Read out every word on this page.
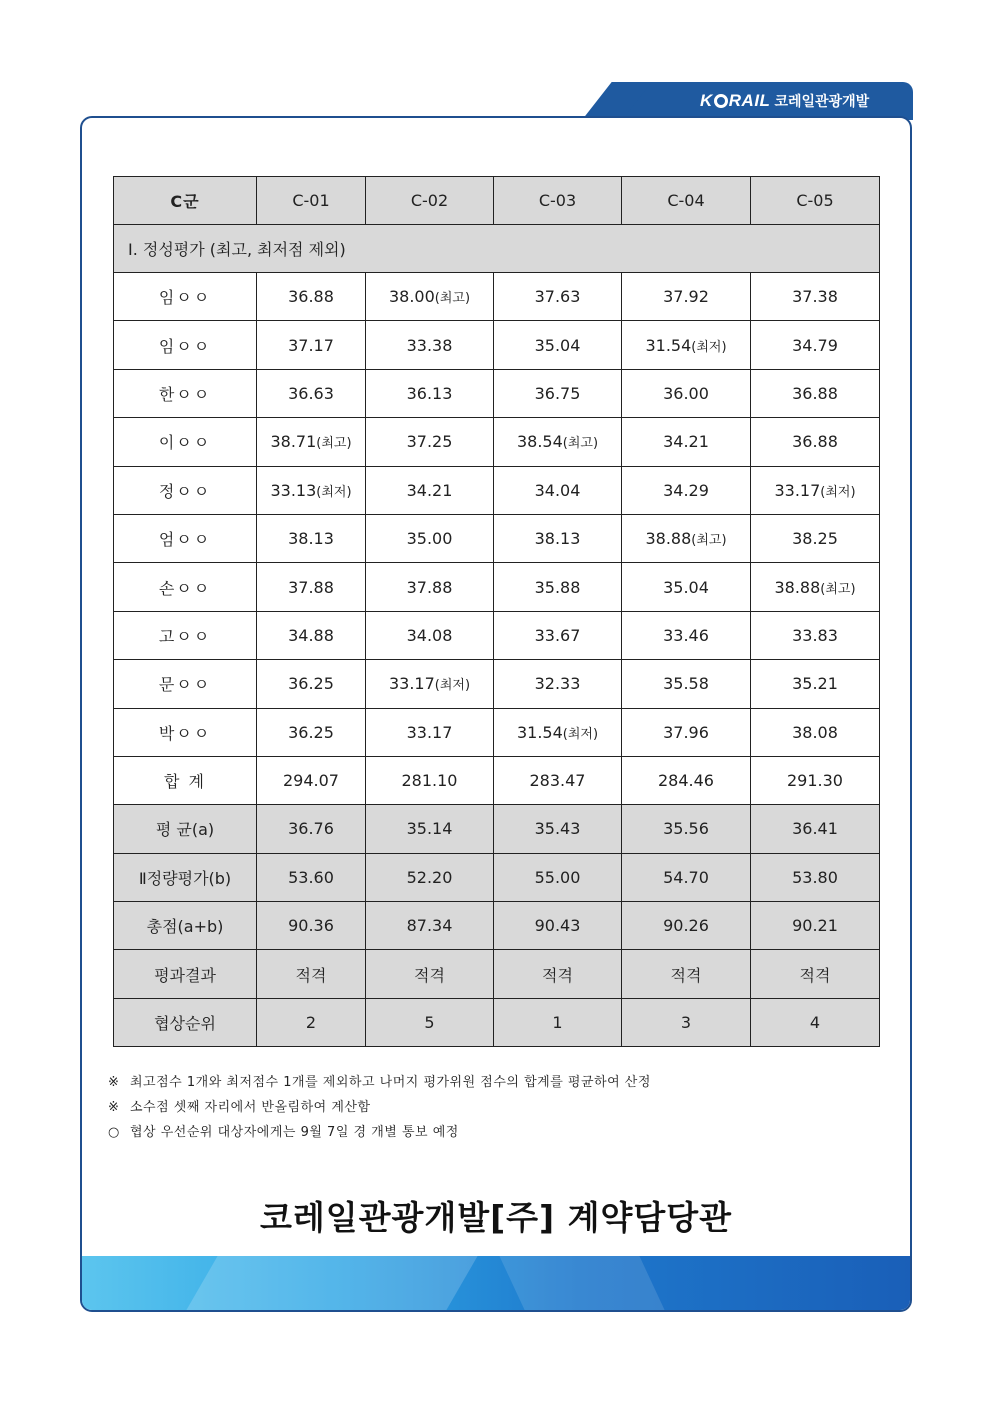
K RAIL 코레일관광개발
C군	C-01	C-02	C-03	C-04	C-05
Ⅰ. 정성평가 (최고, 최저점 제외)					
임ㅇㅇ	36.88	38.00(최고)	37.63	37.92	37.38
임ㅇㅇ	37.17	33.38	35.04	31.54(최저)	34.79
한ㅇㅇ	36.63	36.13	36.75	36.00	36.88
이ㅇㅇ	38.71(최고)	37.25	38.54(최고)	34.21	36.88
정ㅇㅇ	33.13(최저)	34.21	34.04	34.29	33.17(최저)
엄ㅇㅇ	38.13	35.00	38.13	38.88(최고)	38.25
손ㅇㅇ	37.88	37.88	35.88	35.04	38.88(최고)
고ㅇㅇ	34.88	34.08	33.67	33.46	33.83
문ㅇㅇ	36.25	33.17(최저)	32.33	35.58	35.21
박ㅇㅇ	36.25	33.17	31.54(최저)	37.96	38.08
합 계	294.07	281.10	283.47	284.46	291.30
평 균(a)	36.76	35.14	35.43	35.56	36.41
Ⅱ정량평가(b)	53.60	52.20	55.00	54.70	53.80
총점(a+b)	90.36	87.34	90.43	90.26	90.21
평과결과	적격	적격	적격	적격	적격
협상순위	2	5	1	3	4
※ 최고점수 1개와 최저점수 1개를 제외하고 나머지 평가위원 점수의 합계를 평균하여 산정
※ 소수점 셋째 자리에서 반올림하여 계산함
○ 협상 우선순위 대상자에게는 9월 7일 경 개별 통보 예정
코레일관광개발[주] 계약담당관
